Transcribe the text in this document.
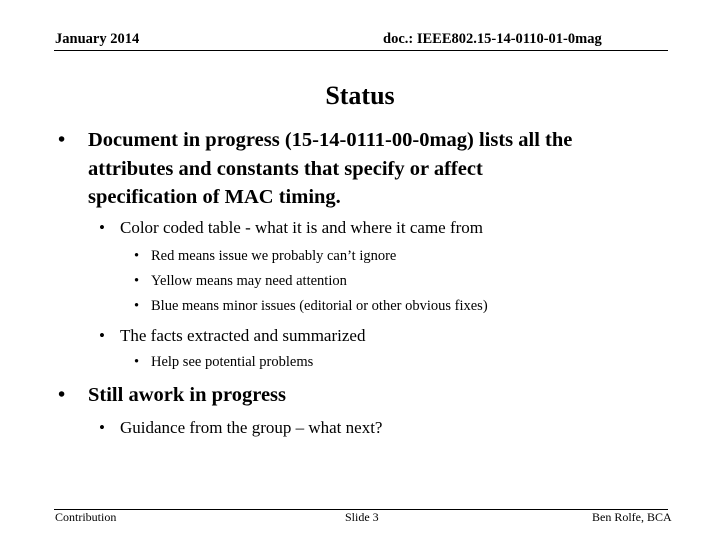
January 2014	doc.: IEEE802.15-14-0110-01-0mag
Status
• Document in progress (15-14-0111-00-0mag) lists all the
attributes and constants that specify or affect
specification of MAC timing.
• Color coded table - what it is and where it came from
• Red means issue we probably can’t ignore
• Yellow means may need attention
• Blue means minor issues (editorial or other obvious fixes)
• The facts extracted and summarized
• Help see potential problems
• Still awork in progress
• Guidance from the group – what next?
Contribution	Slide 3	Ben Rolfe, BCA
